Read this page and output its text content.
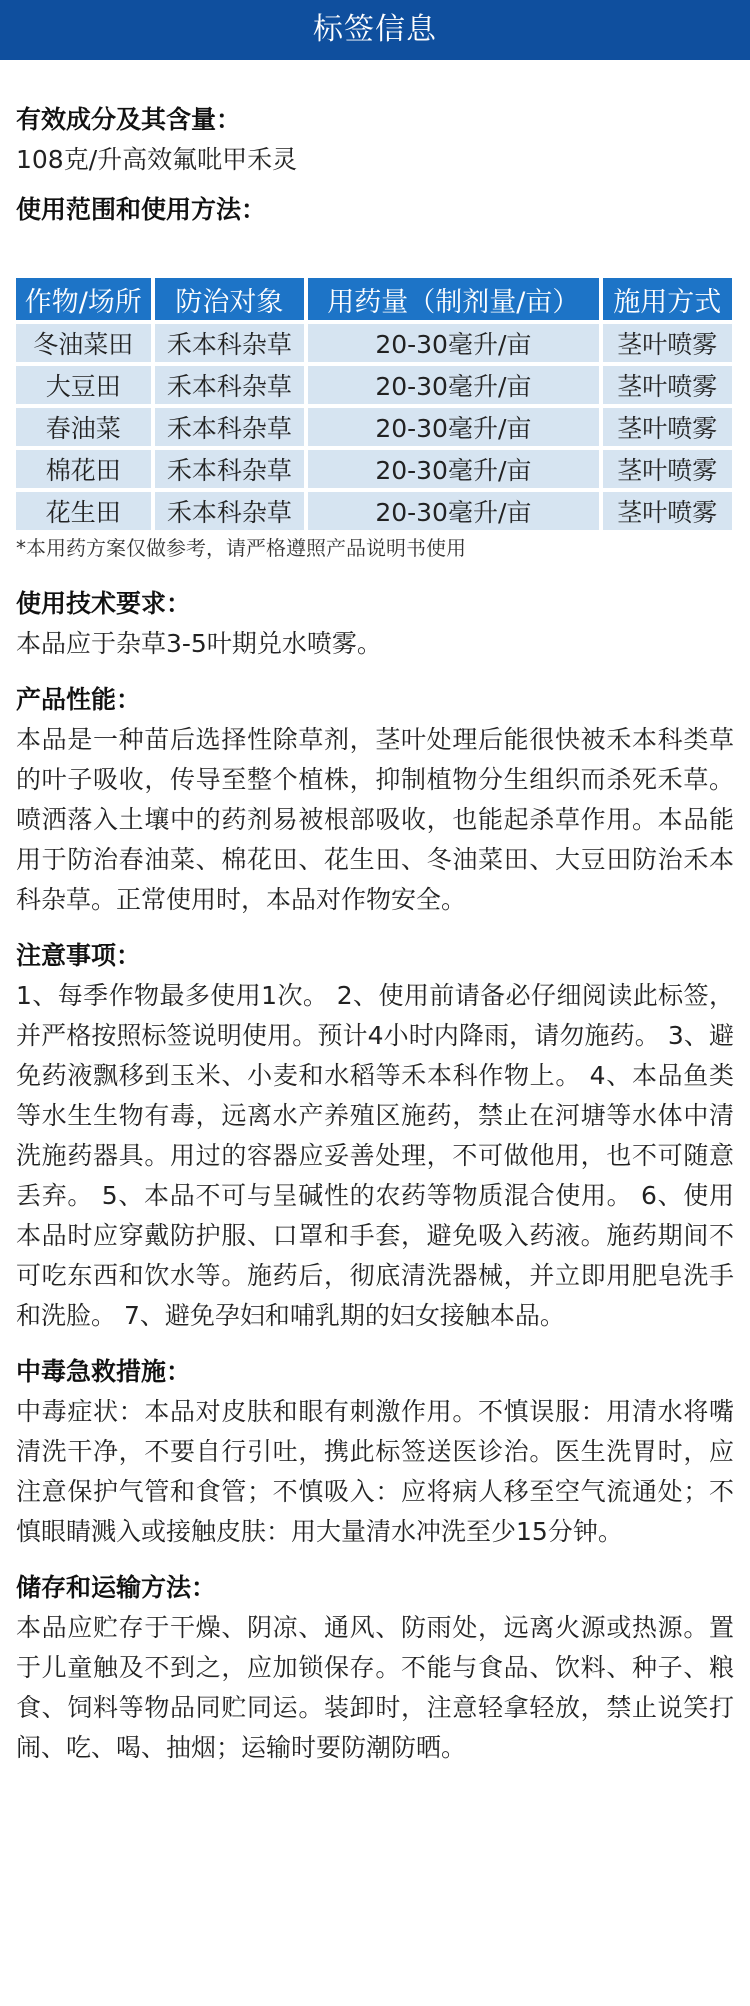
标签信息

有效成分及其含量：

108克/升高效氟吡甲禾灵

使用范围和使用方法：

作物/场所	防治对象	用药量（制剂量/亩）	施用方式
冬油菜田	禾本科杂草	20-30毫升/亩	茎叶喷雾
大豆田	禾本科杂草	20-30毫升/亩	茎叶喷雾
春油菜	禾本科杂草	20-30毫升/亩	茎叶喷雾
棉花田	禾本科杂草	20-30毫升/亩	茎叶喷雾
花生田	禾本科杂草	20-30毫升/亩	茎叶喷雾

*本用药方案仅做参考，请严格遵照产品说明书使用

使用技术要求：

本品应于杂草3-5叶期兑水喷雾。

产品性能：

本品是一种苗后选择性除草剂，茎叶处理后能很快被禾本科类草的叶子吸收，传导至整个植株，抑制植物分生组织而杀死禾草。喷洒落入土壤中的药剂易被根部吸收，也能起杀草作用。本品能用于防治春油菜、棉花田、花生田、冬油菜田、大豆田防治禾本科杂草。正常使用时，本品对作物安全。

注意事项：

1、每季作物最多使用1次。 2、使用前请备必仔细阅读此标签，并严格按照标签说明使用。预计4小时内降雨，请勿施药。 3、避免药液飘移到玉米、小麦和水稻等禾本科作物上。 4、本品鱼类等水生生物有毒，远离水产养殖区施药，禁止在河塘等水体中清洗施药器具。用过的容器应妥善处理，不可做他用，也不可随意丢弃。 5、本品不可与呈碱性的农药等物质混合使用。 6、使用本品时应穿戴防护服、口罩和手套，避免吸入药液。施药期间不可吃东西和饮水等。施药后，彻底清洗器械，并立即用肥皂洗手和洗脸。 7、避免孕妇和哺乳期的妇女接触本品。

中毒急救措施：

中毒症状：本品对皮肤和眼有刺激作用。不慎误服：用清水将嘴清洗干净，不要自行引吐，携此标签送医诊治。医生洗胃时，应注意保护气管和食管；不慎吸入：应将病人移至空气流通处；不慎眼睛溅入或接触皮肤：用大量清水冲洗至少15分钟。

储存和运输方法：

本品应贮存于干燥、阴凉、通风、防雨处，远离火源或热源。置于儿童触及不到之，应加锁保存。不能与食品、饮料、种子、粮食、饲料等物品同贮同运。装卸时，注意轻拿轻放，禁止说笑打闹、吃、喝、抽烟；运输时要防潮防晒。
